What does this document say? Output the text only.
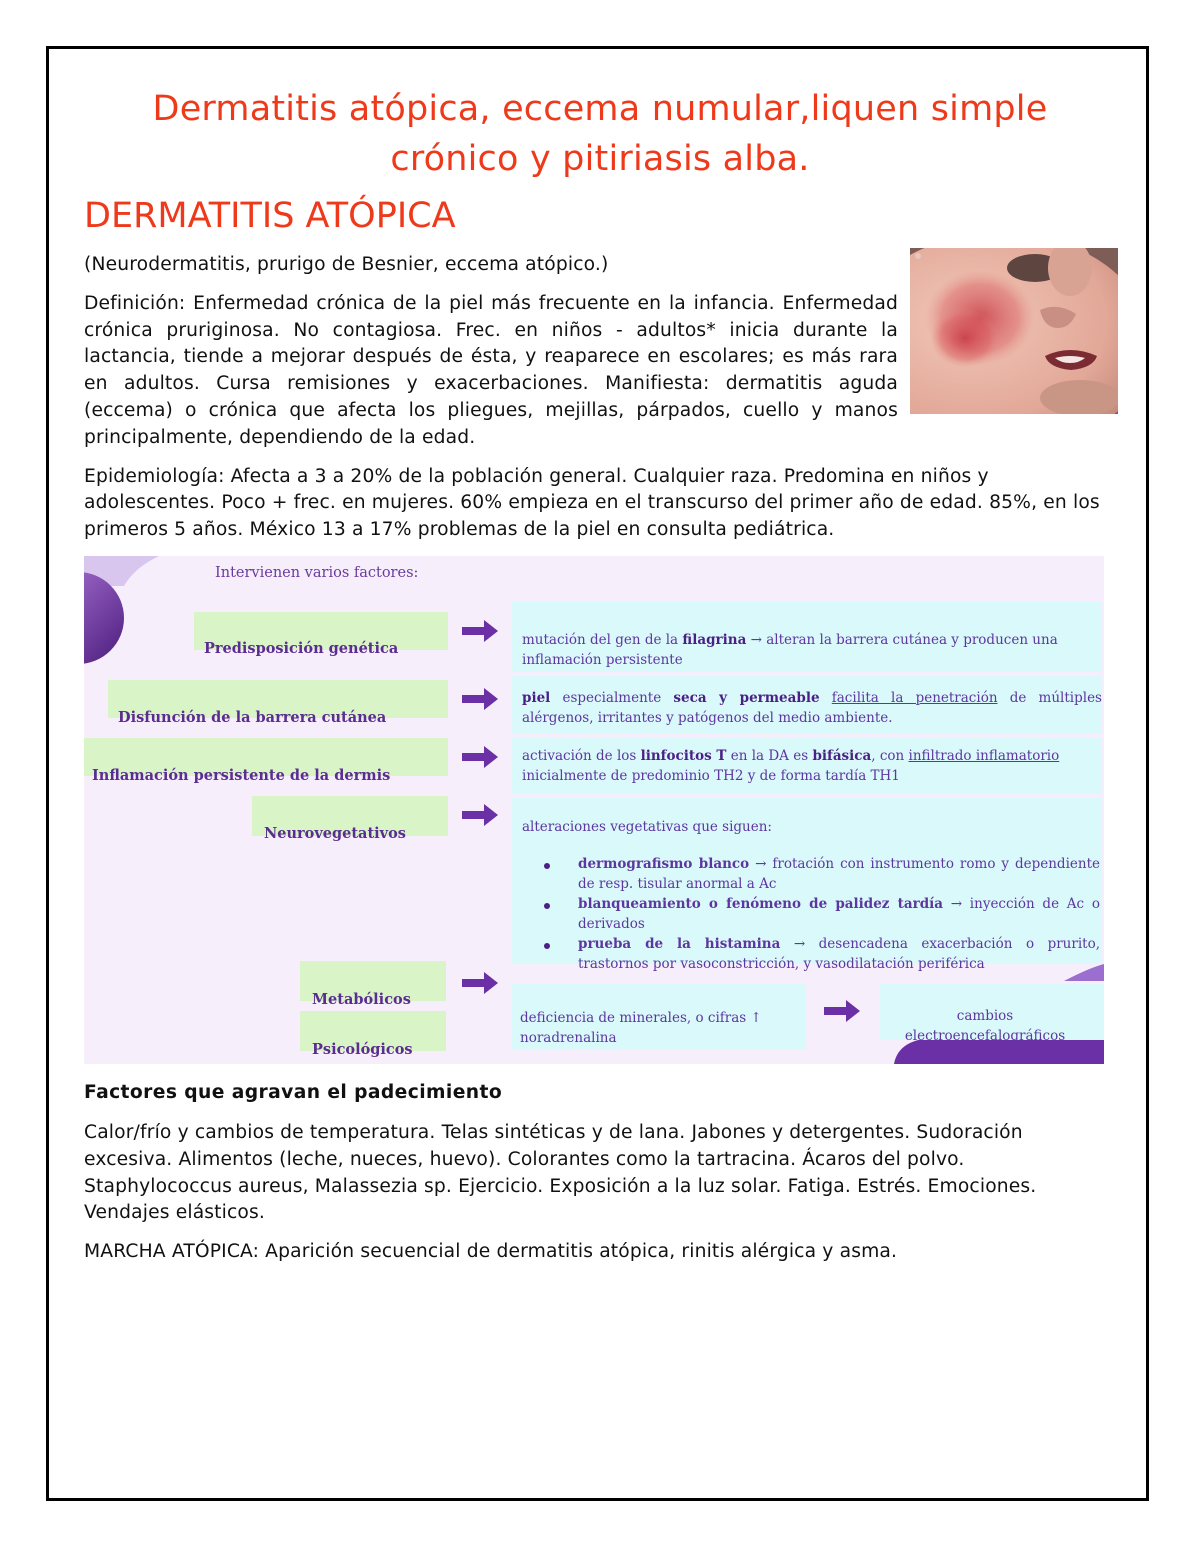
Dermatitis atópica, eccema numular,liquen simple crónico y pitiriasis alba.
DERMATITIS ATÓPICA

(Neurodermatitis, prurigo de Besnier, eccema atópico.)

Definición: Enfermedad crónica de la piel más frecuente en la infancia. Enfermedad crónica pruriginosa. No contagiosa. Frec. en niños - adultos* inicia durante la lactancia, tiende a mejorar después de ésta, y reaparece en escolares; es más rara en adultos. Cursa remisiones y exacerbaciones. Manifiesta: dermatitis aguda (eccema) o crónica que afecta los pliegues, mejillas, párpados, cuello y manos principalmente, dependiendo de la edad.

Epidemiología: Afecta a 3 a 20% de la población general. Cualquier raza. Predomina en niños y adolescentes. Poco + frec. en mujeres. 60% empieza en el transcurso del primer año de edad. 85%, en los primeros 5 años. México 13 a 17% problemas de la piel en consulta pediátrica.

Intervienen varios factores:
Predisposición genética
Disfunción de la barrera cutánea
Inflamación persistente de la dermis
Neurovegetativos
Metabólicos
Psicológicos
mutación del gen de la filagrina → alteran la barrera cutánea y producen una inflamación persistente
piel especialmente seca y permeable facilita la penetración de múltiples alérgenos, irritantes y patógenos del medio ambiente.
activación de los linfocitos T en la DA es bifásica, con infiltrado inflamatorio inicialmente de predominio TH2 y de forma tardía TH1
alteraciones vegetativas que siguen:
dermografismo blanco → frotación con instrumento romo y dependiente de resp. tisular anormal a Ac
blanqueamiento o fenómeno de palidez tardía → inyección de Ac o derivados
prueba de la histamina → desencadena exacerbación o prurito, trastornos por vasoconstricción, y vasodilatación periférica
deficiencia de minerales, o cifras ↑ noradrenalina
cambios electroencefalográficos
Factores que agravan el padecimiento

Calor/frío y cambios de temperatura. Telas sintéticas y de lana. Jabones y detergentes. Sudoración excesiva. Alimentos (leche, nueces, huevo). Colorantes como la tartracina. Ácaros del polvo. Staphylococcus aureus, Malassezia sp. Ejercicio. Exposición a la luz solar. Fatiga. Estrés. Emociones. Vendajes elásticos.

MARCHA ATÓPICA: Aparición secuencial de dermatitis atópica, rinitis alérgica y asma.
